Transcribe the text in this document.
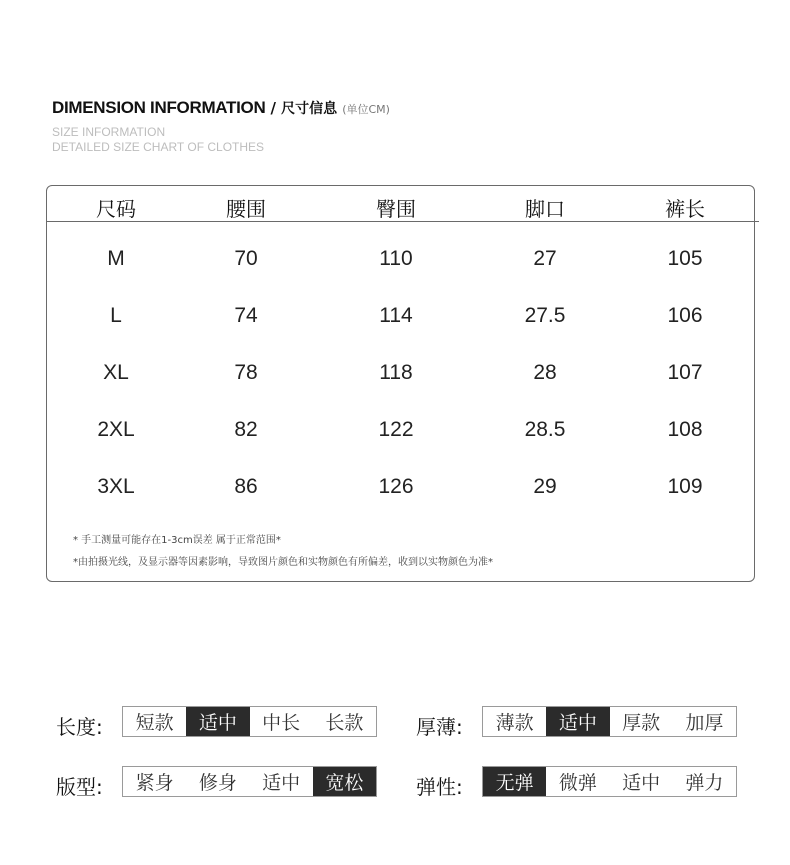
DIMENSION INFORMATION / 尺寸信息 (单位CM)
SIZE INFORMATION
DETAILED SIZE CHART OF CLOTHES
尺码	腰围	臀围	脚口	裤长
M	70	110	27	105
L	74	114	27.5	106
XL	78	118	28	107
2XL	82	122	28.5	108
3XL	86	126	29	109
* 手工测量可能存在1-3cm误差 属于正常范围*
*由拍摄光线，及显示器等因素影响，导致图片颜色和实物颜色有所偏差，收到以实物颜色为准*
长度:	短款	适中	中长	长款	厚薄:	薄款	适中	厚款	加厚
版型:	紧身	修身	适中	宽松	弹性:	无弹	微弹	适中	弹力
